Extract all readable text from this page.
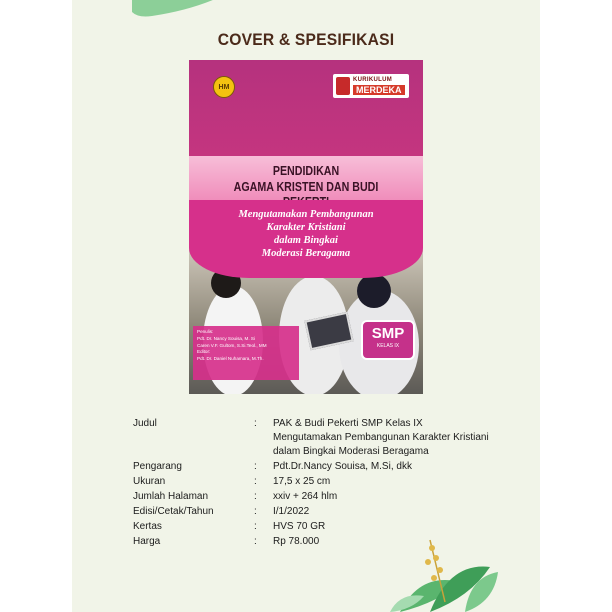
COVER & SPESIFIKASI
HM
KURIKULUM
MERDEKA
PENDIDIKAN
AGAMA KRISTEN DAN BUDI
Mengutamakan Pembangunan
Karakter Kristiani
dalam Bingkai
Moderasi Beragama
Penulis:
Pdt. Dr. Nancy Souisa, M. Si
Caren V.F. Gultom, S.Si.Teol., MM
Editor:
Pdt. Dr. Daniel Nuhamara, M.Th.
SMP
KELAS IX
Judul	: PAK & Budi Pekerti SMP Kelas IX
Mengutamakan Pembangunan Karakter Kristiani
dalam Bingkai Moderasi Beragama
Pengarang	: Pdt.Dr.Nancy Souisa, M.Si, dkk
Ukuran	: 17,5 x 25 cm
Jumlah Halaman	: xxiv + 264 hlm
Edisi/Cetak/Tahun	: I/1/2022
Kertas	: HVS 70 GR
Harga	: Rp 78.000
